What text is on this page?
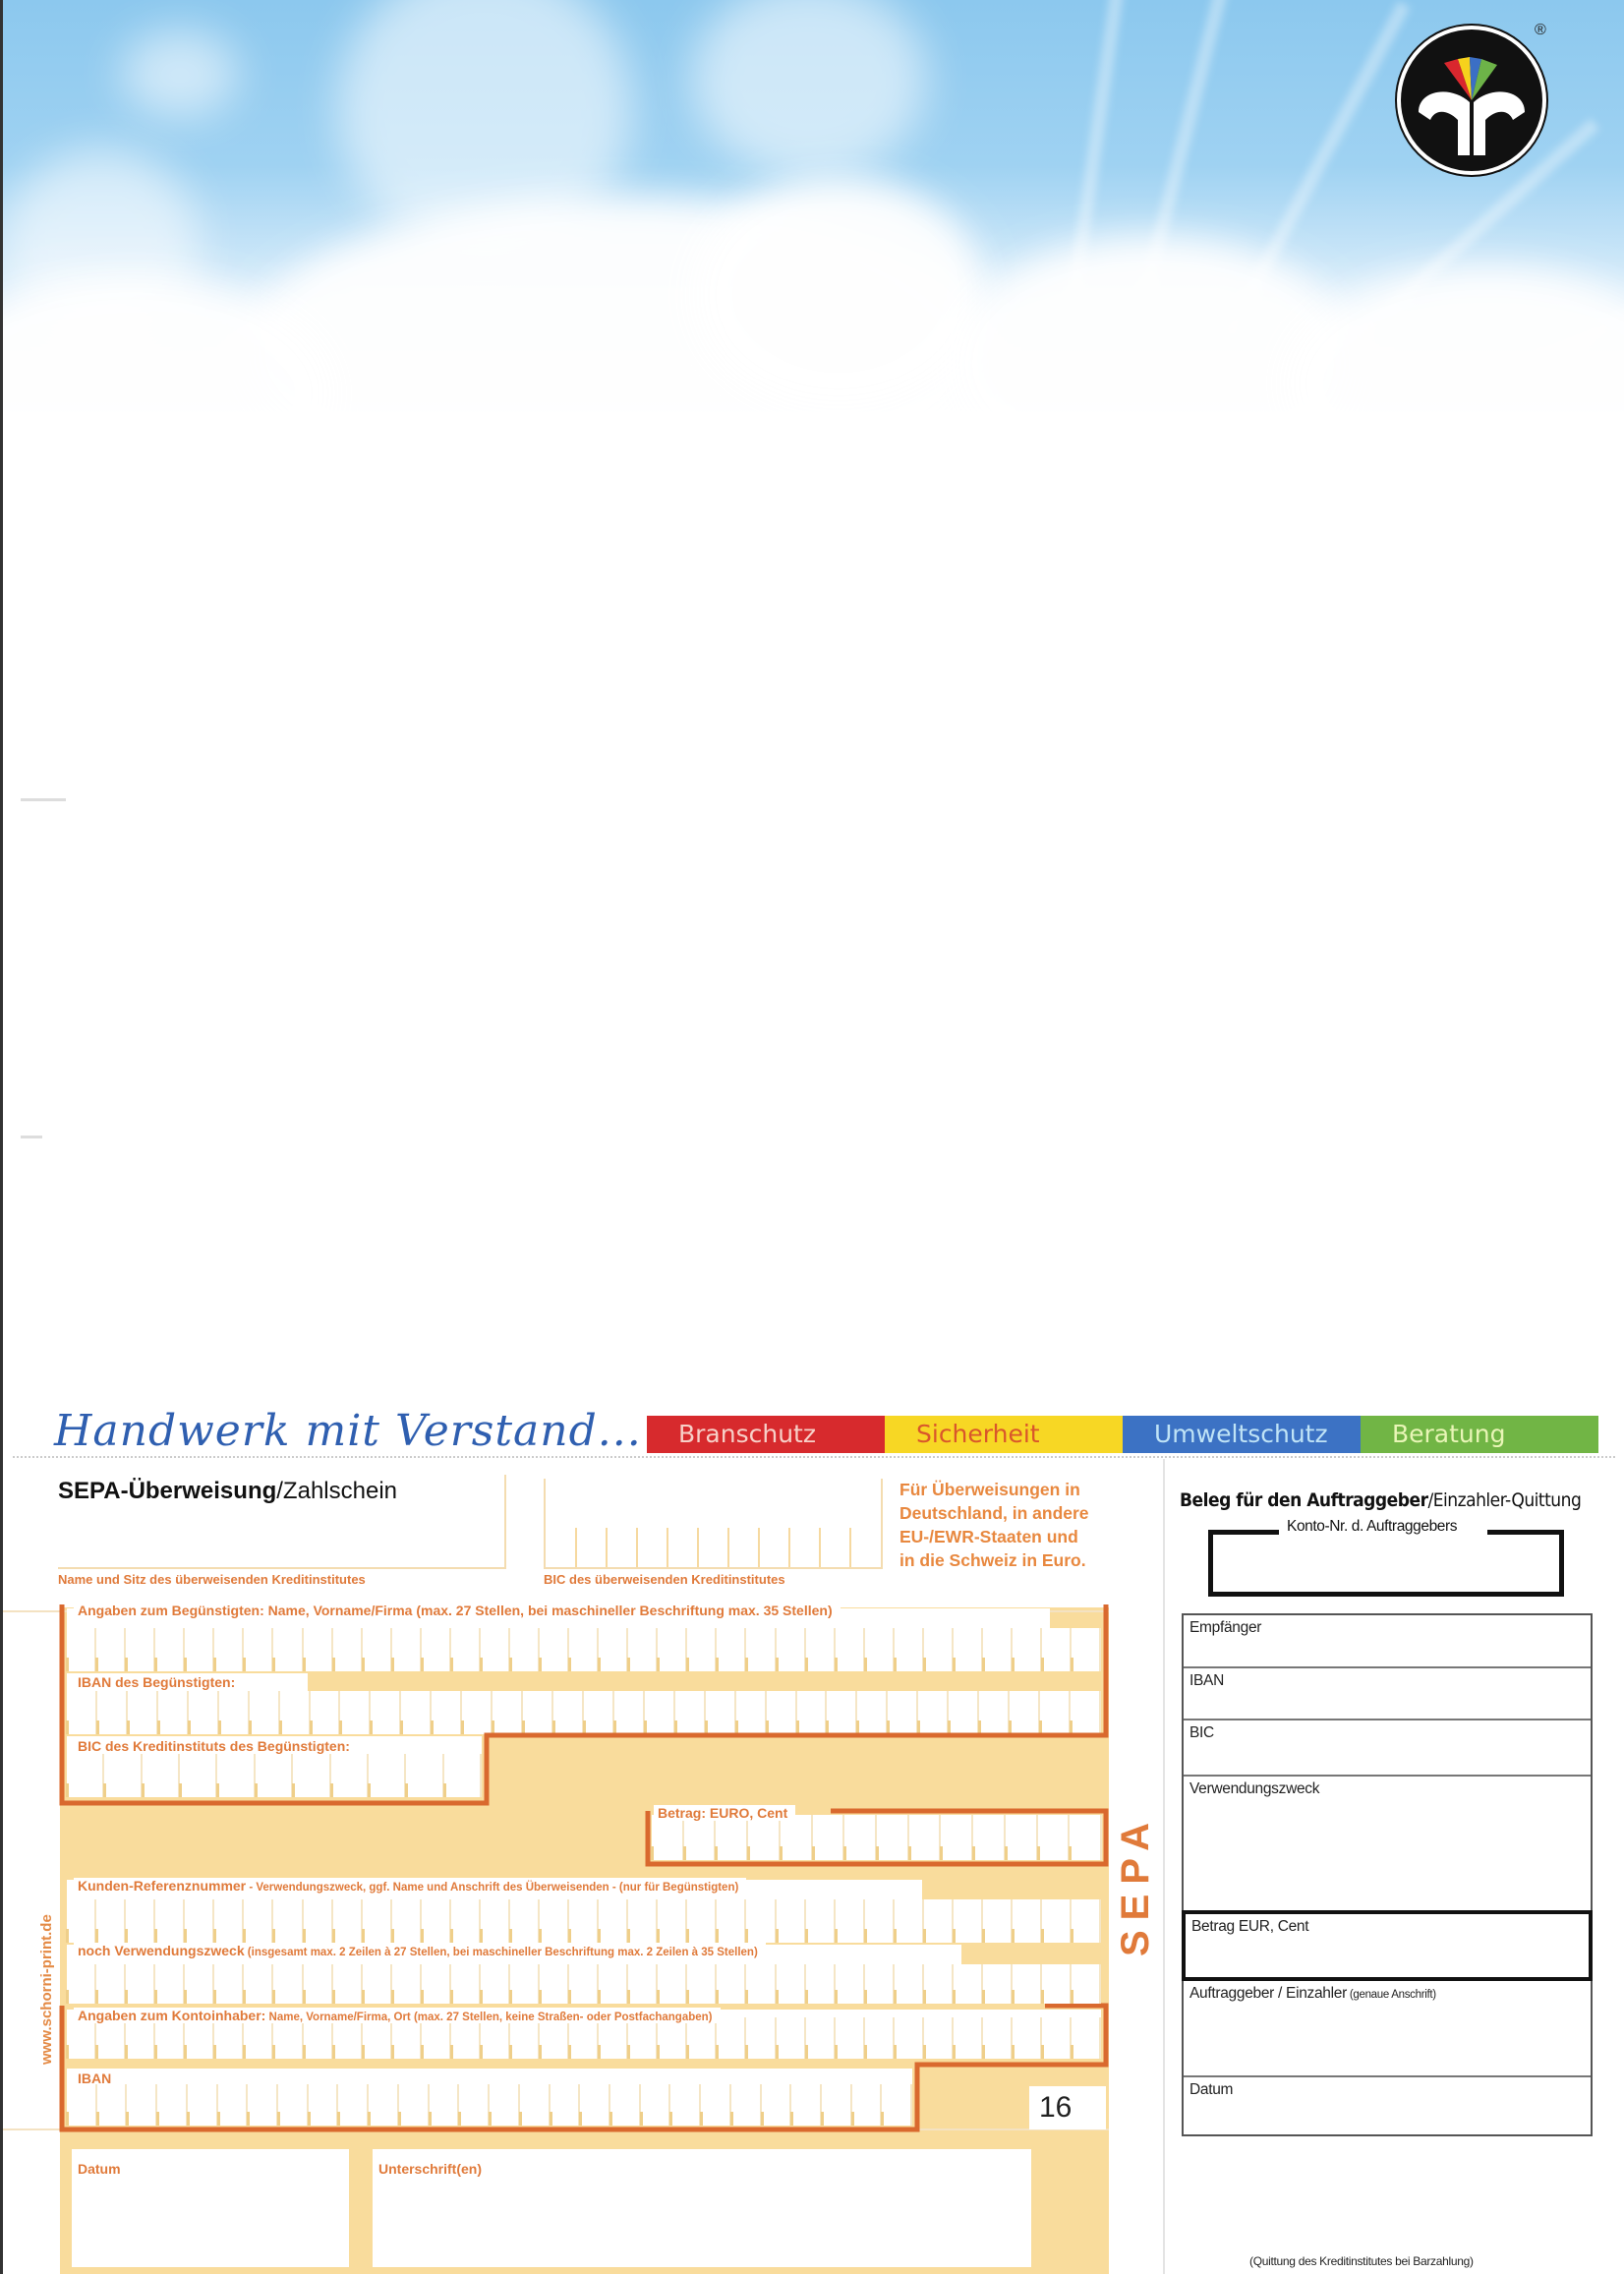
®
Handwerk mit Verstand...	Branschutz	Sicherheit	Umweltschutz	Beratung
SEPA-Überweisung/Zahlschein
Name und Sitz des überweisenden Kreditinstitutes	BIC des überweisenden Kreditinstitutes
Für Überweisungen in
Deutschland, in andere
EU-/EWR-Staaten und
in die Schweiz in Euro.
Angaben zum Begünstigten: Name, Vorname/Firma (max. 27 Stellen, bei maschineller Beschriftung max. 35 Stellen)
IBAN des Begünstigten:
BIC des Kreditinstituts des Begünstigten:
Betrag: EURO, Cent
Kunden-Referenznummer - Verwendungszweck, ggf. Name und Anschrift des Überweisenden - (nur für Begünstigten)
noch Verwendungszweck (insgesamt max. 2 Zeilen à 27 Stellen, bei maschineller Beschriftung max. 2 Zeilen à 35 Stellen)
Angaben zum Kontoinhaber: Name, Vorname/Firma, Ort (max. 27 Stellen, keine Straßen- oder Postfachangaben)
IBAN
16
Datum	Unterschrift(en)
SEPA
www.schorni-print.de
Beleg für den Auftraggeber/Einzahler-Quittung
Konto-Nr. d. Auftraggebers
Empfänger
IBAN
BIC
Verwendungszweck
Betrag EUR, Cent
Auftraggeber / Einzahler (genaue Anschrift)
Datum
(Quittung des Kreditinstitutes bei Barzahlung)
